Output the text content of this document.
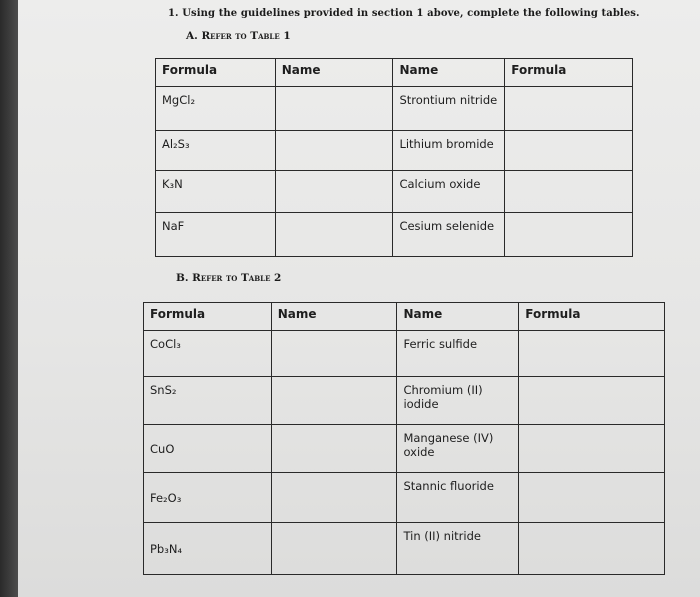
1. Using the guidelines provided in section 1 above, complete the following tables.
A. Refer to Table 1
Formula	Name	Name	Formula
MgCl₂		Strontium nitride	
Al₂S₃		Lithium bromide	
K₃N		Calcium oxide	
NaF		Cesium selenide	
B. Refer to Table 2
Formula	Name	Name	Formula
CoCl₃		Ferric sulfide	
SnS₂		Chromium (II) iodide	
CuO		Manganese (IV) oxide	
Fe₂O₃		Stannic fluoride	
Pb₃N₄		Tin (II) nitride	
